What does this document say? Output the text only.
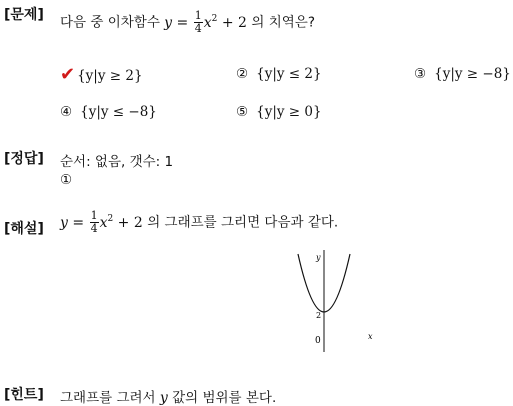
[문제] 다음 중 이차함수 $y = \frac{1}{4} x^2 + 2$ 의 치역은?
✔ {y|y ≥ 2}	② {y|y ≤ 2}	③ {y|y ≥ −8}
④ {y|y ≤ −8}	⑤ {y|y ≥ 0}
[정답] 순서: 없음, 갯수: 1
①
[해설] $y = \frac{1}{4} x^2 + 2$ 의 그래프를 그리면 다음과 같다.
y
2
0	x
[힌트] 그래프를 그려서 y 값의 범위를 본다.
